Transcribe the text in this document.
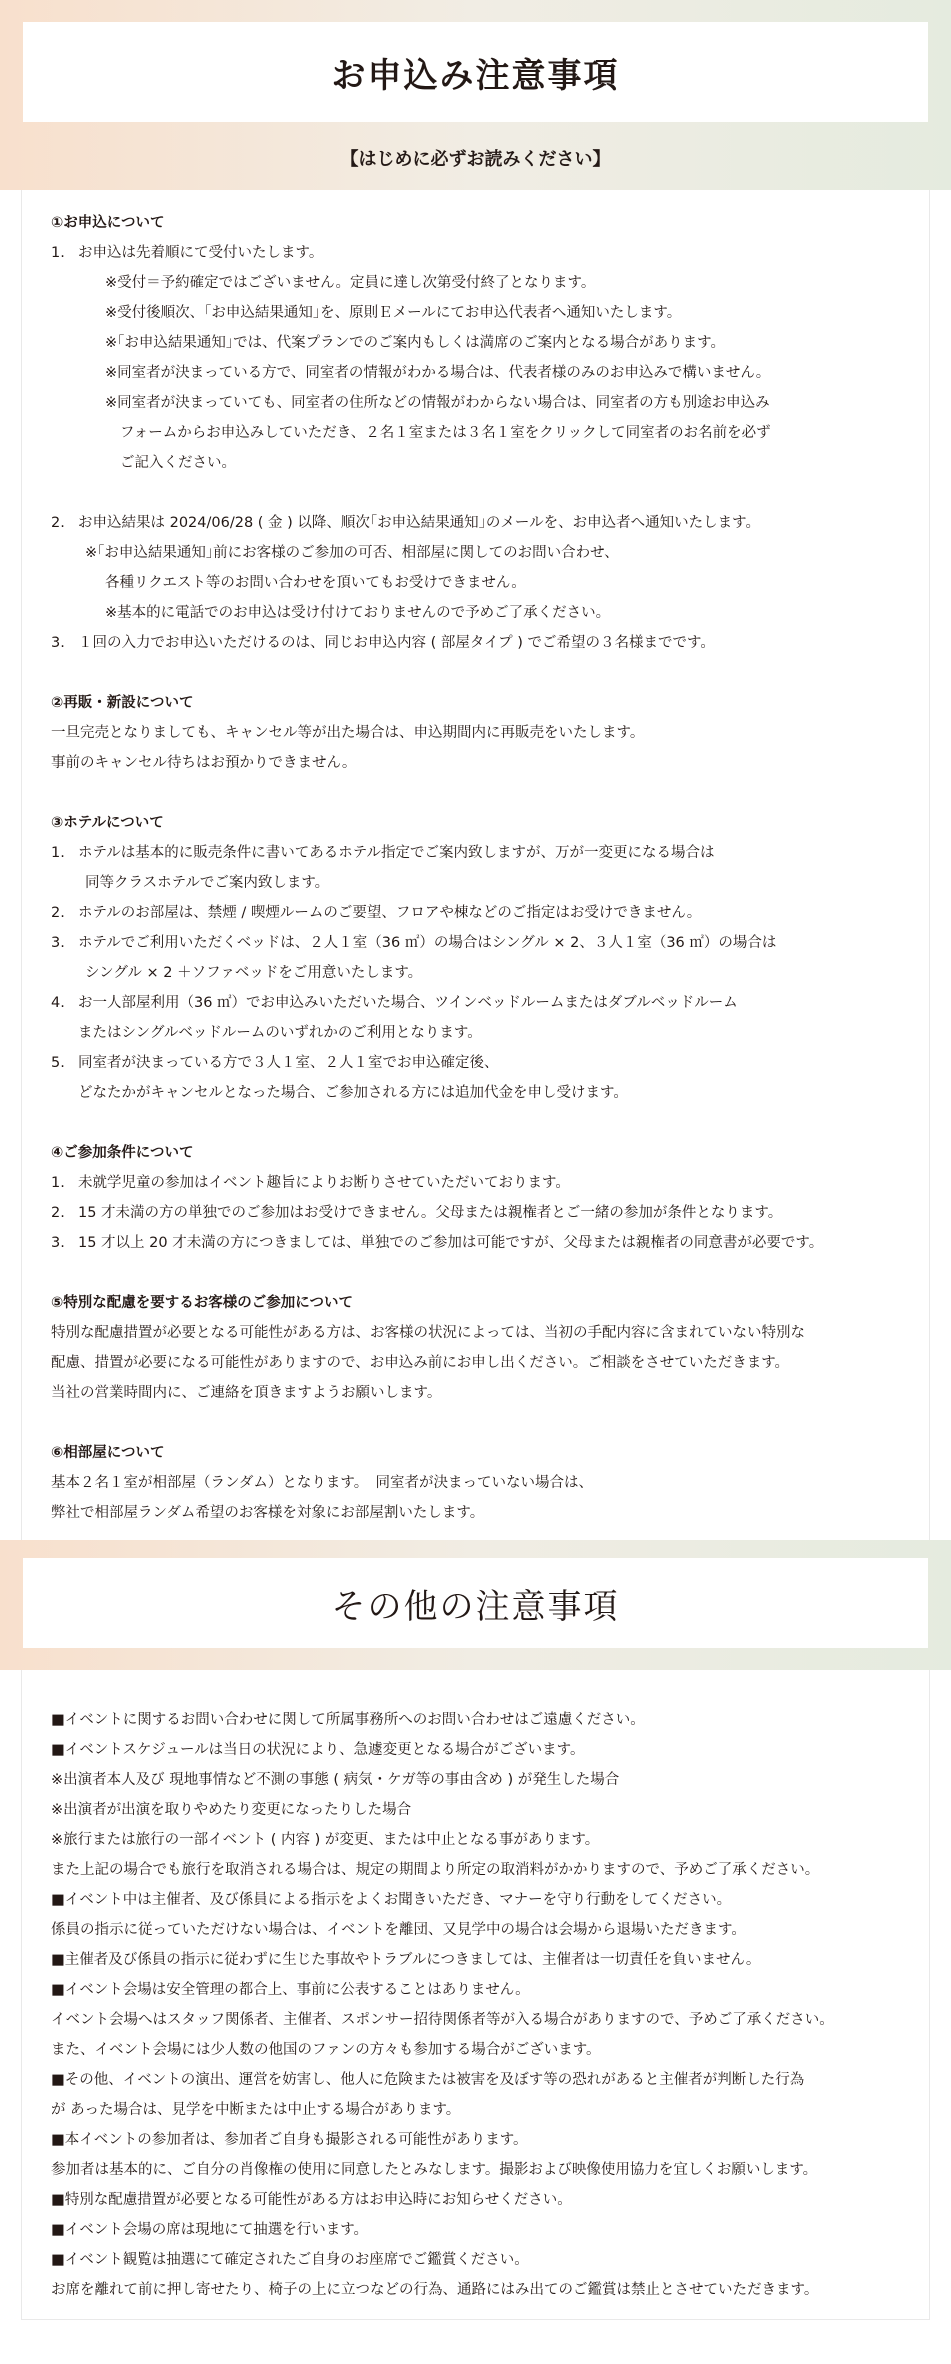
お申込み注意事項
【はじめに必ずお読みください】
①お申込について
1. お申込は先着順にて受付いたします。
※受付＝予約確定ではございません。定員に達し次第受付終了となります。
※受付後順次、｢お申込結果通知｣を、原則Ｅメールにてお申込代表者へ通知いたします。
※｢お申込結果通知｣では、代案プランでのご案内もしくは満席のご案内となる場合があります。
※同室者が決まっている方で、同室者の情報がわかる場合は、代表者様のみのお申込みで構いません。
※同室者が決まっていても、同室者の住所などの情報がわからない場合は、同室者の方も別途お申込み
フォームからお申込みしていただき、２名１室または３名１室をクリックして同室者のお名前を必ず
ご記入ください。
2. お申込結果は 2024/06/28 ( 金 ) 以降、順次｢お申込結果通知｣のメールを、お申込者へ通知いたします。
※｢お申込結果通知｣前にお客様のご参加の可否、相部屋に関してのお問い合わせ、
各種リクエスト等のお問い合わせを頂いてもお受けできません。
※基本的に電話でのお申込は受け付けておりませんので予めご了承ください。
3. １回の入力でお申込いただけるのは、同じお申込内容 ( 部屋タイプ ) でご希望の３名様までです。
②再販・新設について
一旦完売となりましても、キャンセル等が出た場合は、申込期間内に再販売をいたします。
事前のキャンセル待ちはお預かりできません。
③ホテルについて
1. ホテルは基本的に販売条件に書いてあるホテル指定でご案内致しますが、万が一変更になる場合は
同等クラスホテルでご案内致します。
2. ホテルのお部屋は、禁煙 / 喫煙ルームのご要望、フロアや棟などのご指定はお受けできません。
3. ホテルでご利用いただくベッドは、２人１室（36 ㎡）の場合はシングル × 2、３人１室（36 ㎡）の場合は
シングル × 2 ＋ソファベッドをご用意いたします。
4. お一人部屋利用（36 ㎡）でお申込みいただいた場合、ツインベッドルームまたはダブルベッドルーム
またはシングルベッドルームのいずれかのご利用となります。
5. 同室者が決まっている方で３人１室、２人１室でお申込確定後、
どなたかがキャンセルとなった場合、ご参加される方には追加代金を申し受けます。
④ご参加条件について
1. 未就学児童の参加はイベント趣旨によりお断りさせていただいております。
2. 15 才未満の方の単独でのご参加はお受けできません。父母または親権者とご一緒の参加が条件となります。
3. 15 才以上 20 才未満の方につきましては、単独でのご参加は可能ですが、父母または親権者の同意書が必要です。
⑤特別な配慮を要するお客様のご参加について
特別な配慮措置が必要となる可能性がある方は、お客様の状況によっては、当初の手配内容に含まれていない特別な
配慮、措置が必要になる可能性がありますので、お申込み前にお申し出ください。ご相談をさせていただきます。
当社の営業時間内に、ご連絡を頂きますようお願いします。
⑥相部屋について
基本２名１室が相部屋（ランダム）となります。　同室者が決まっていない場合は、
弊社で相部屋ランダム希望のお客様を対象にお部屋割いたします。
その他の注意事項
■イベントに関するお問い合わせに関して所属事務所へのお問い合わせはご遠慮ください。
■イベントスケジュールは当日の状況により、急遽変更となる場合がございます。
※出演者本人及び 現地事情など不測の事態 ( 病気・ケガ等の事由含め ) が発生した場合
※出演者が出演を取りやめたり変更になったりした場合
※旅行または旅行の一部イベント ( 内容 ) が変更、または中止となる事があります。
また上記の場合でも旅行を取消される場合は、規定の期間より所定の取消料がかかりますので、予めご了承ください。
■イベント中は主催者、及び係員による指示をよくお聞きいただき、マナーを守り行動をしてください。
係員の指示に従っていただけない場合は、イベントを離団、又見学中の場合は会場から退場いただきます。
■主催者及び係員の指示に従わずに生じた事故やトラブルにつきましては、主催者は一切責任を負いません。
■イベント会場は安全管理の都合上、事前に公表することはありません。
イベント会場へはスタッフ関係者、主催者、スポンサー招待関係者等が入る場合がありますので、予めご了承ください。
また、イベント会場には少人数の他国のファンの方々も参加する場合がございます。
■その他、イベントの演出、運営を妨害し、他人に危険または被害を及ぼす等の恐れがあると主催者が判断した行為
が あった場合は、見学を中断または中止する場合があります。
■本イベントの参加者は、参加者ご自身も撮影される可能性があります。
参加者は基本的に、ご自分の肖像権の使用に同意したとみなします。撮影および映像使用協力を宜しくお願いします。
■特別な配慮措置が必要となる可能性がある方はお申込時にお知らせください。
■イベント会場の席は現地にて抽選を行います。
■イベント観覧は抽選にて確定されたご自身のお座席でご鑑賞ください。
お席を離れて前に押し寄せたり、椅子の上に立つなどの行為、通路にはみ出てのご鑑賞は禁止とさせていただきます。
